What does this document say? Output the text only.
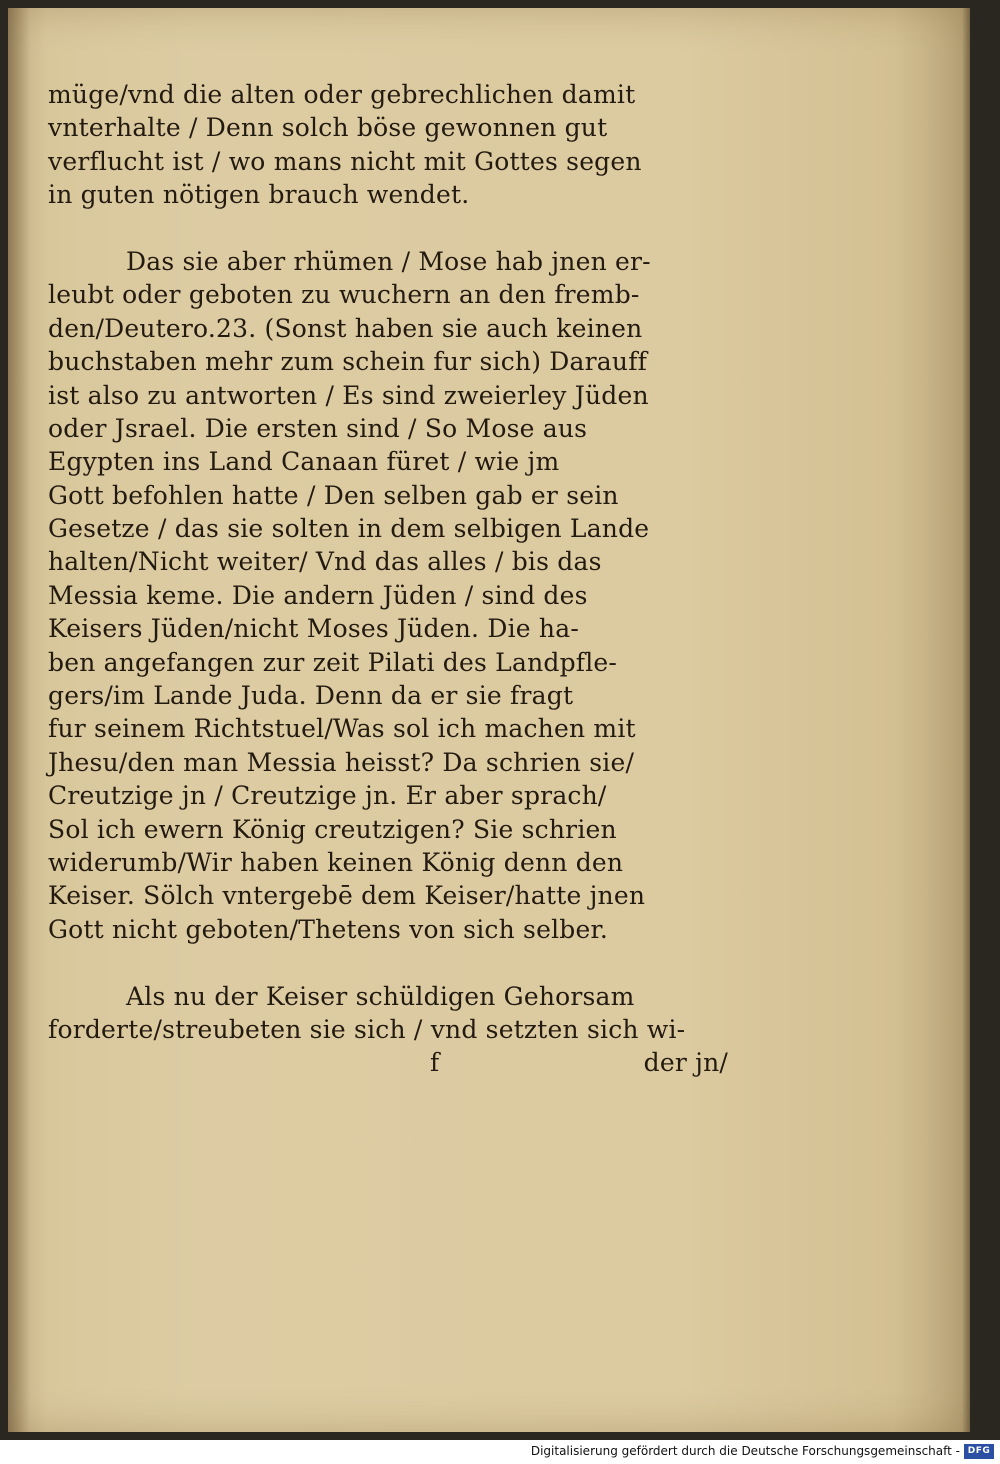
müge/vnd die alten oder gebrechlichen damit
vnterhalte / Denn solch böse gewonnen gut
verflucht ist / wo mans nicht mit Gottes segen
in guten nötigen brauch wendet.
Das sie aber rhümen / Mose hab jnen er-
leubt oder geboten zu wuchern an den fremb-
den/Deutero.23. (Sonst haben sie auch keinen
buchstaben mehr zum schein fur sich) Darauff
ist also zu antworten / Es sind zweierley Jüden
oder Jsrael. Die ersten sind / So Mose aus
Egypten ins Land Canaan füret / wie jm
Gott befohlen hatte / Den selben gab er sein
Gesetze / das sie solten in dem selbigen Lande
halten/Nicht weiter/ Vnd das alles / bis das
Messia keme. Die andern Jüden / sind des
Keisers Jüden/nicht Moses Jüden. Die ha-
ben angefangen zur zeit Pilati des Landpfle-
gers/im Lande Juda. Denn da er sie fragt
fur seinem Richtstuel/Was sol ich machen mit
Jhesu/den man Messia heisst? Da schrien sie/
Creutzige jn / Creutzige jn. Er aber sprach/
Sol ich ewern König creutzigen? Sie schrien
widerumb/Wir haben keinen König denn den
Keiser. Sölch vntergebē dem Keiser/hatte jnen
Gott nicht geboten/Thetens von sich selber.
Als nu der Keiser schüldigen Gehorsam
forderte/streubeten sie sich / vnd setzten sich wi-
f	der jn/
Digitalisierung gefördert durch die Deutsche Forschungsgemeinschaft - DFG
